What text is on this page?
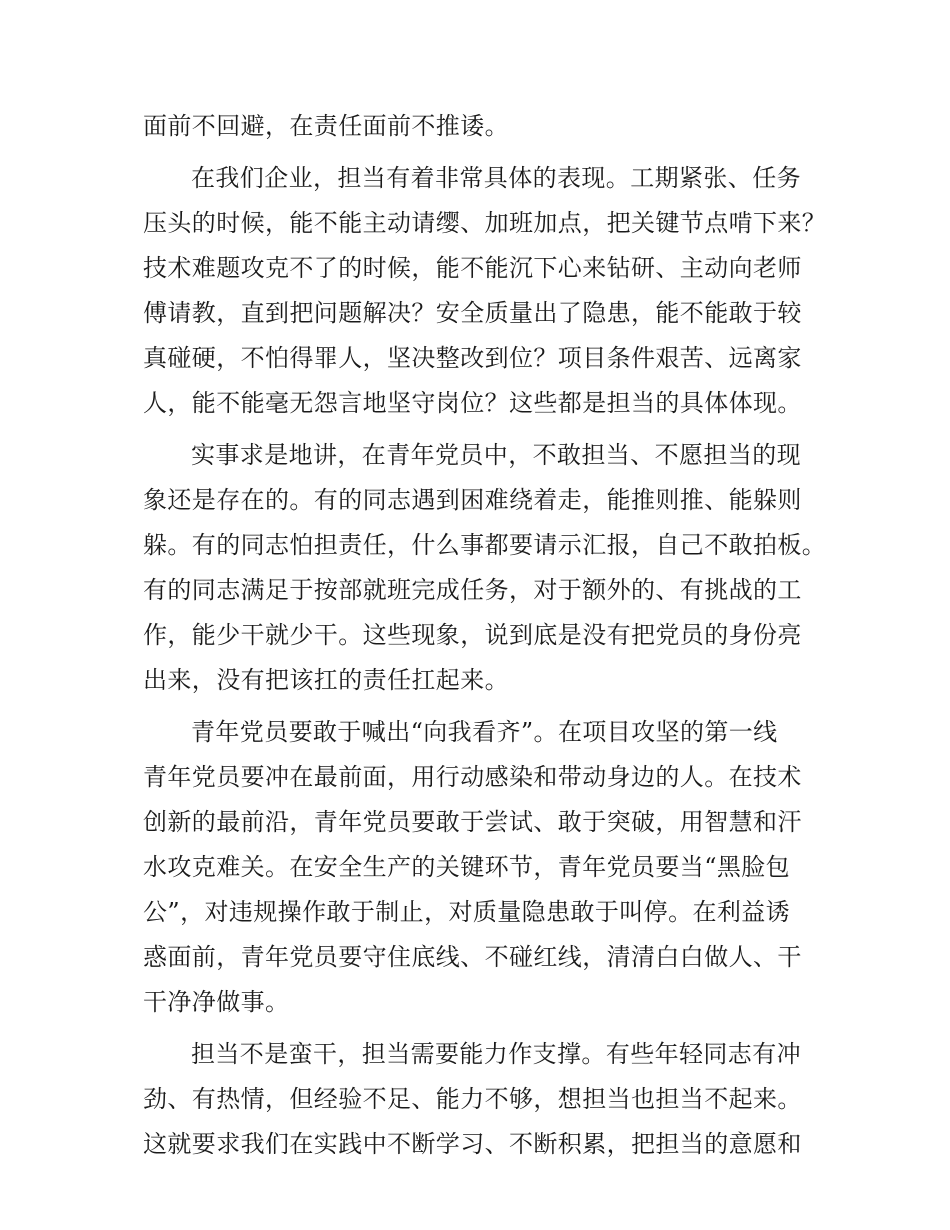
面前不回避，在责任面前不推诿。
在我们企业，担当有着非常具体的表现。工期紧张、任务
压头的时候，能不能主动请缨、加班加点，把关键节点啃下来？
技术难题攻克不了的时候，能不能沉下心来钻研、主动向老师
傅请教，直到把问题解决？安全质量出了隐患，能不能敢于较
真碰硬，不怕得罪人，坚决整改到位？项目条件艰苦、远离家
人，能不能毫无怨言地坚守岗位？这些都是担当的具体体现。
实事求是地讲，在青年党员中，不敢担当、不愿担当的现
象还是存在的。有的同志遇到困难绕着走，能推则推、能躲则
躲。有的同志怕担责任，什么事都要请示汇报，自己不敢拍板。
有的同志满足于按部就班完成任务，对于额外的、有挑战的工
作，能少干就少干。这些现象，说到底是没有把党员的身份亮
出来，没有把该扛的责任扛起来。
青年党员要敢于喊出“向我看齐”。在项目攻坚的第一线
青年党员要冲在最前面，用行动感染和带动身边的人。在技术
创新的最前沿，青年党员要敢于尝试、敢于突破，用智慧和汗
水攻克难关。在安全生产的关键环节，青年党员要当“黑脸包
公”，对违规操作敢于制止，对质量隐患敢于叫停。在利益诱
惑面前，青年党员要守住底线、不碰红线，清清白白做人、干
干净净做事。
担当不是蛮干，担当需要能力作支撑。有些年轻同志有冲
劲、有热情，但经验不足、能力不够，想担当也担当不起来。
这就要求我们在实践中不断学习、不断积累，把担当的意愿和
